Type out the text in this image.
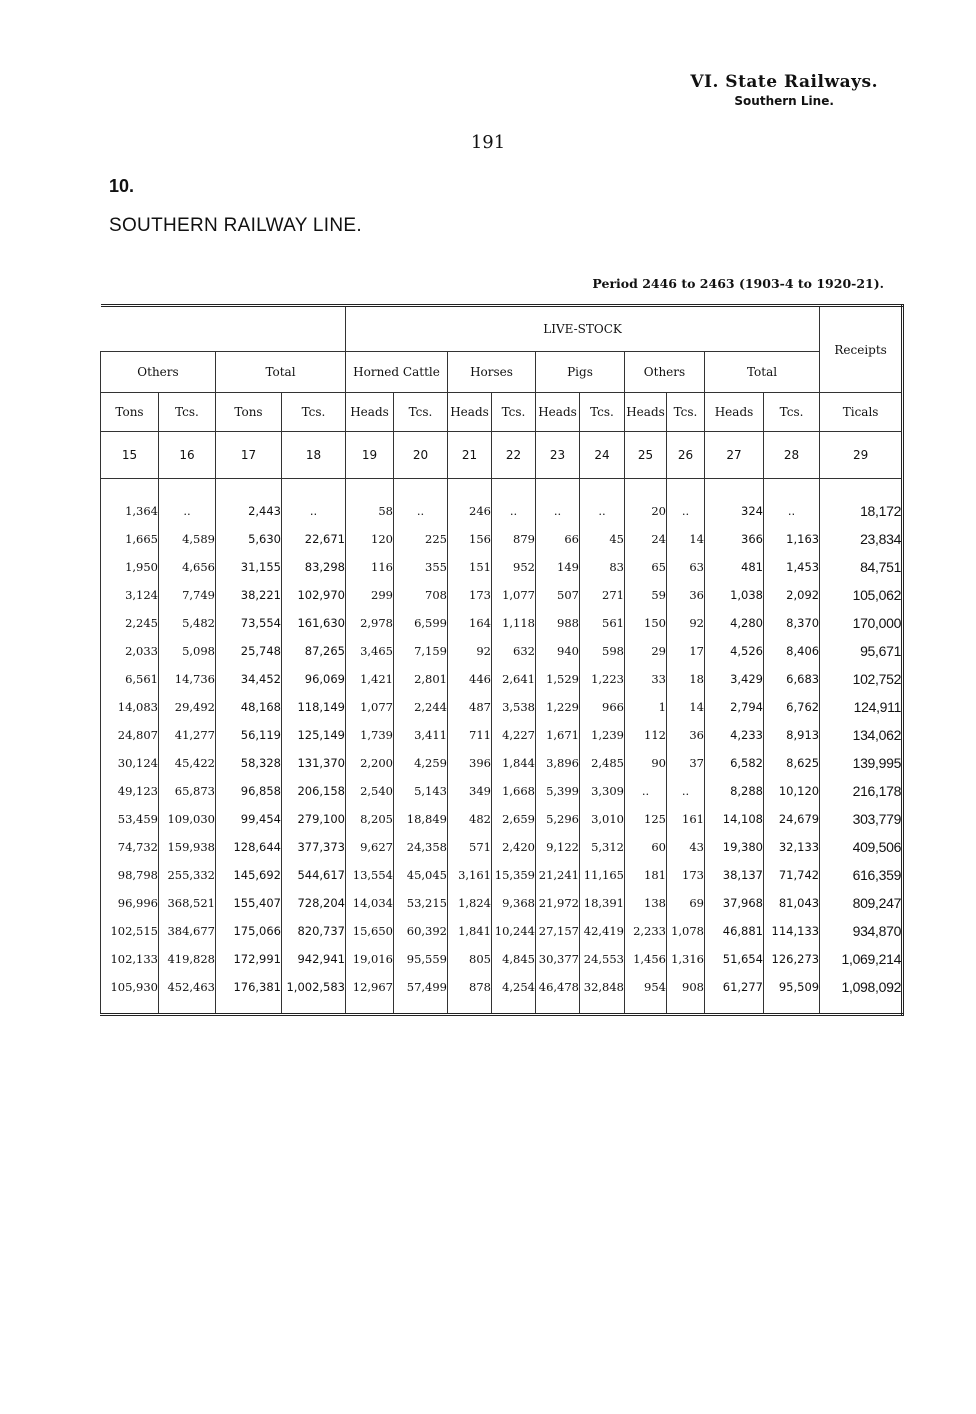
VI. State Railways.
Southern Line.
191
10.
SOUTHERN RAILWAY LINE.
Period 2446 to 2463 (1903-4 to 1920-21).
				LIVE-STOCK										Receipts
Others		Total		Horned Cattle		Horses		Pigs		Others		Total		
Tons	Tcs.	Tons	Tcs.	Heads	Tcs.	Heads	Tcs.	Heads	Tcs.	Heads	Tcs.	Heads	Tcs.	Ticals
15	16	17	18	19	20	21	22	23	24	25	26	27	28	29
1,364	..	2,443	..	58	..	246	..	..	..	20	..	324	..	18,172
1,665	4,589	5,630	22,671	120	225	156	879	66	45	24	14	366	1,163	23,834
1,950	4,656	31,155	83,298	116	355	151	952	149	83	65	63	481	1,453	84,751
3,124	7,749	38,221	102,970	299	708	173	1,077	507	271	59	36	1,038	2,092	105,062
2,245	5,482	73,554	161,630	2,978	6,599	164	1,118	988	561	150	92	4,280	8,370	170,000
2,033	5,098	25,748	87,265	3,465	7,159	92	632	940	598	29	17	4,526	8,406	95,671
6,561	14,736	34,452	96,069	1,421	2,801	446	2,641	1,529	1,223	33	18	3,429	6,683	102,752
14,083	29,492	48,168	118,149	1,077	2,244	487	3,538	1,229	966	1	14	2,794	6,762	124,911
24,807	41,277	56,119	125,149	1,739	3,411	711	4,227	1,671	1,239	112	36	4,233	8,913	134,062
30,124	45,422	58,328	131,370	2,200	4,259	396	1,844	3,896	2,485	90	37	6,582	8,625	139,995
49,123	65,873	96,858	206,158	2,540	5,143	349	1,668	5,399	3,309	..	..	8,288	10,120	216,178
53,459	109,030	99,454	279,100	8,205	18,849	482	2,659	5,296	3,010	125	161	14,108	24,679	303,779
74,732	159,938	128,644	377,373	9,627	24,358	571	2,420	9,122	5,312	60	43	19,380	32,133	409,506
98,798	255,332	145,692	544,617	13,554	45,045	3,161	15,359	21,241	11,165	181	173	38,137	71,742	616,359
96,996	368,521	155,407	728,204	14,034	53,215	1,824	9,368	21,972	18,391	138	69	37,968	81,043	809,247
102,515	384,677	175,066	820,737	15,650	60,392	1,841	10,244	27,157	42,419	2,233	1,078	46,881	114,133	934,870
102,133	419,828	172,991	942,941	19,016	95,559	805	4,845	30,377	24,553	1,456	1,316	51,654	126,273	1,069,214
105,930	452,463	176,381	1,002,583	12,967	57,499	878	4,254	46,478	32,848	954	908	61,277	95,509	1,098,092
